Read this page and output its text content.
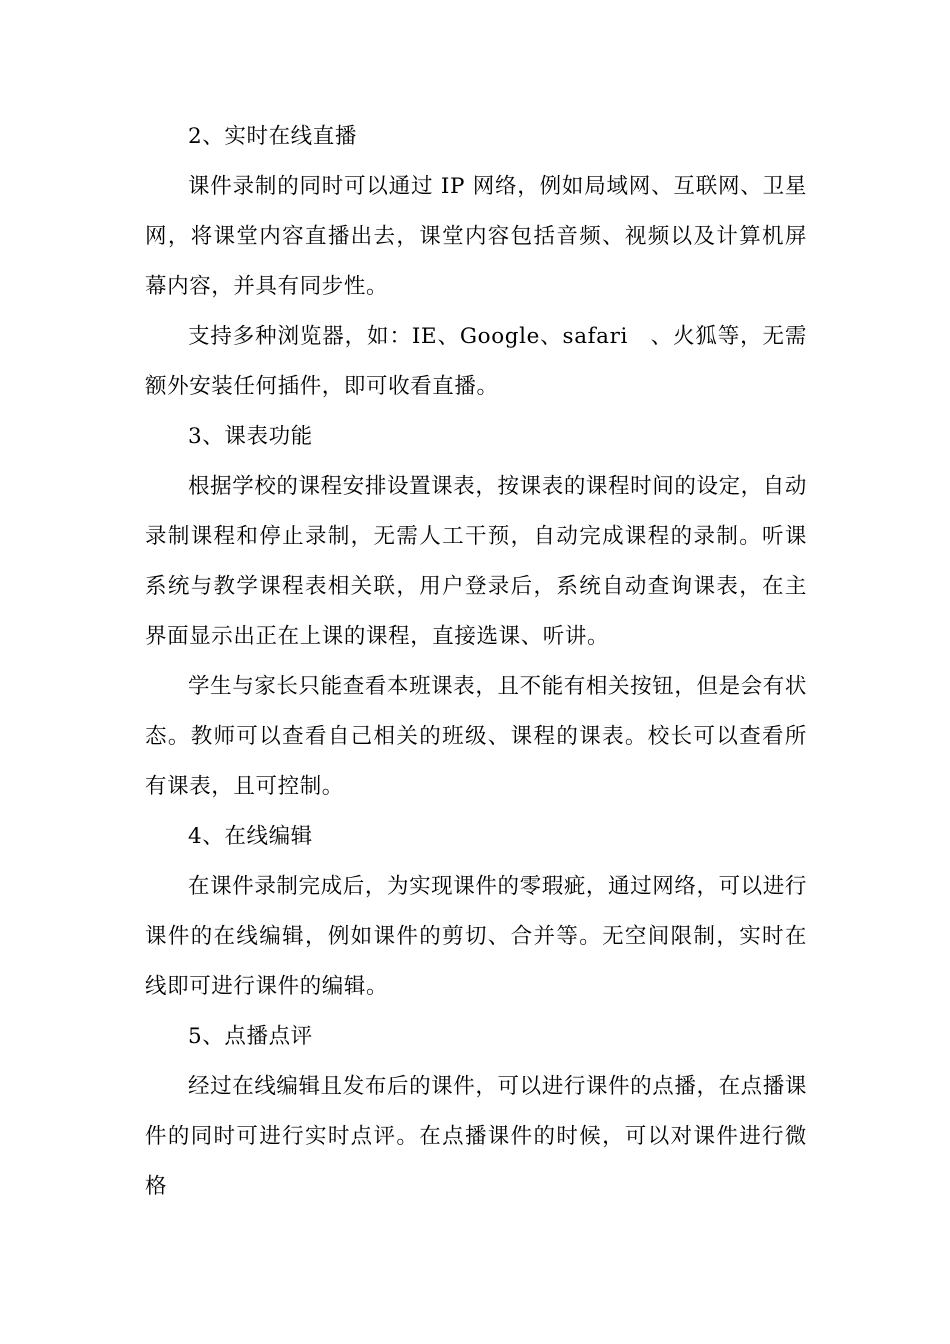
2、实时在线直播

课件录制的同时可以通过 IP 网络，例如局域网、互联网、卫星网，将课堂内容直播出去，课堂内容包括音频、视频以及计算机屏幕内容，并具有同步性。

支持多种浏览器，如：IE、Google、safari　、火狐等，无需额外安装任何插件，即可收看直播。

3、课表功能

根据学校的课程安排设置课表，按课表的课程时间的设定，自动录制课程和停止录制，无需人工干预，自动完成课程的录制。听课系统与教学课程表相关联，用户登录后，系统自动查询课表，在主界面显示出正在上课的课程，直接选课、听讲。

学生与家长只能查看本班课表，且不能有相关按钮，但是会有状态。教师可以查看自己相关的班级、课程的课表。校长可以查看所有课表，且可控制。

4、在线编辑

在课件录制完成后，为实现课件的零瑕疵，通过网络，可以进行课件的在线编辑，例如课件的剪切、合并等。无空间限制，实时在线即可进行课件的编辑。

5、点播点评

经过在线编辑且发布后的课件，可以进行课件的点播，在点播课件的同时可进行实时点评。在点播课件的时候，可以对课件进行微格
